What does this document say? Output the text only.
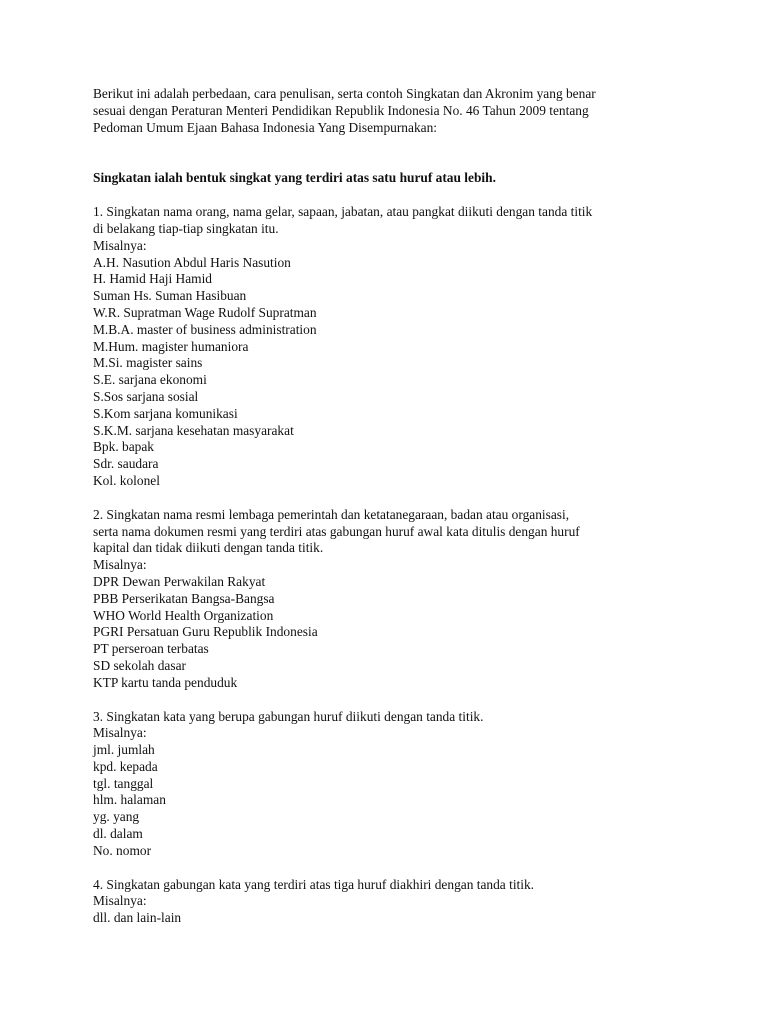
Berikut ini adalah perbedaan, cara penulisan, serta contoh Singkatan dan Akronim yang benar
sesuai dengan Peraturan Menteri Pendidikan Republik Indonesia No. 46 Tahun 2009 tentang
Pedoman Umum Ejaan Bahasa Indonesia Yang Disempurnakan:

Singkatan ialah bentuk singkat yang terdiri atas satu huruf atau lebih.
1. Singkatan nama orang, nama gelar, sapaan, jabatan, atau pangkat diikuti dengan tanda titik
di belakang tiap-tiap singkatan itu.
Misalnya:
A.H. Nasution Abdul Haris Nasution
H. Hamid Haji Hamid
Suman Hs. Suman Hasibuan
W.R. Supratman Wage Rudolf Supratman
M.B.A. master of business administration
M.Hum. magister humaniora
M.Si. magister sains
S.E. sarjana ekonomi
S.Sos sarjana sosial
S.Kom sarjana komunikasi
S.K.M. sarjana kesehatan masyarakat
Bpk. bapak
Sdr. saudara
Kol. kolonel
2. Singkatan nama resmi lembaga pemerintah dan ketatanegaraan, badan atau organisasi,
serta nama dokumen resmi yang terdiri atas gabungan huruf awal kata ditulis dengan huruf
kapital dan tidak diikuti dengan tanda titik.
Misalnya:
DPR Dewan Perwakilan Rakyat
PBB Perserikatan Bangsa-Bangsa
WHO World Health Organization
PGRI Persatuan Guru Republik Indonesia
PT perseroan terbatas
SD sekolah dasar
KTP kartu tanda penduduk
3. Singkatan kata yang berupa gabungan huruf diikuti dengan tanda titik.
Misalnya:
jml. jumlah
kpd. kepada
tgl. tanggal
hlm. halaman
yg. yang
dl. dalam
No. nomor
4. Singkatan gabungan kata yang terdiri atas tiga huruf diakhiri dengan tanda titik.
Misalnya:
dll. dan lain-lain
